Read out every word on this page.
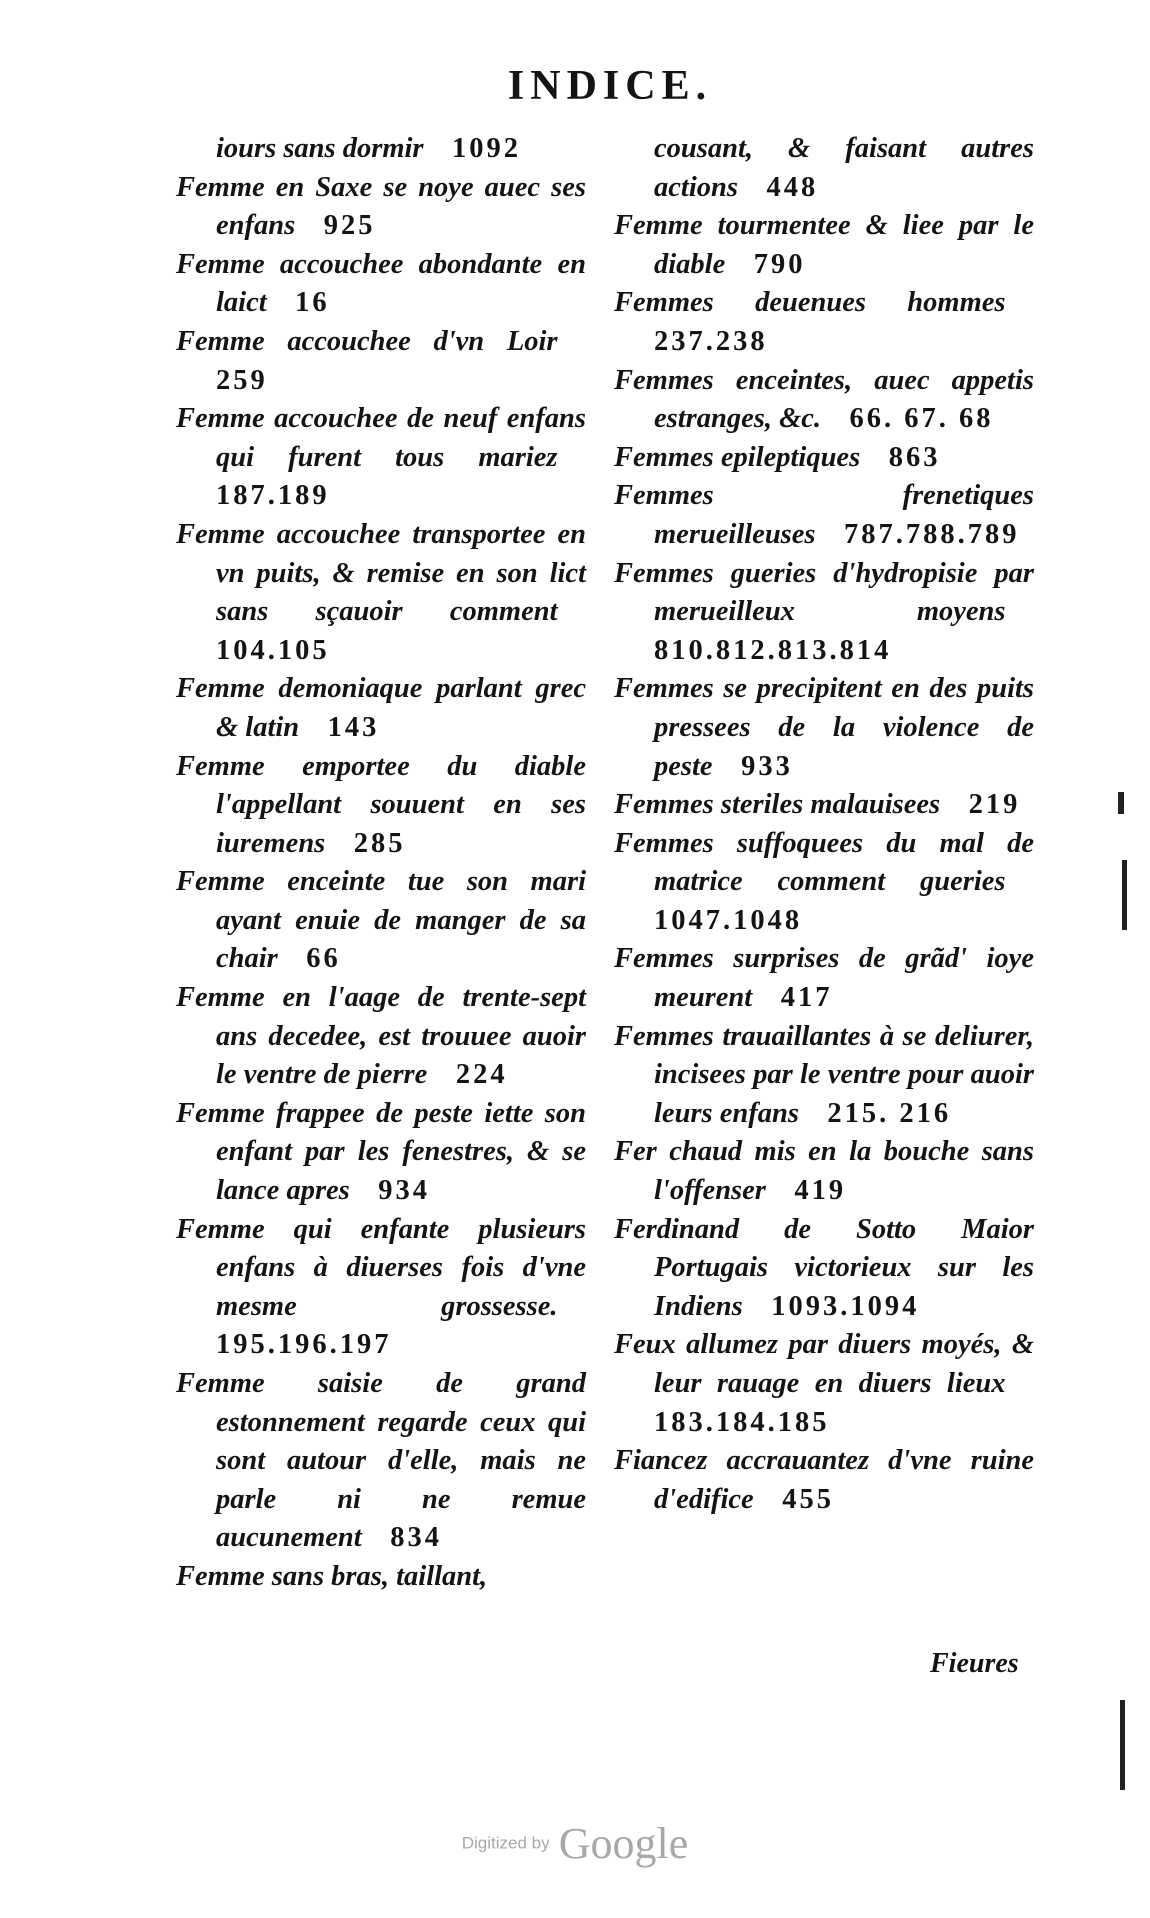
INDICE.
iours sans dormir  1092
Femme en Saxe se noye auec ses enfans  925
Femme accouchee abondante en laict  16
Femme accouchee d'vn Loir 259
Femme accouchee de neuf enfans qui furent tous mariez 187.189
Femme accouchee transportee en vn puits, & remise en son lict sans sçauoir comment 104.105
Femme demoniaque parlant grec & latin  143
Femme emportee du diable l'appellant souuent en ses iuremens  285
Femme enceinte tue son mari ayant enuie de manger de sa chair  66
Femme en l'aage de trente-sept ans decedee, est trouuee auoir le ventre de pierre  224
Femme frappee de peste iette son enfant par les fenestres, & se lance apres  934
Femme qui enfante plusieurs enfans à diuerses fois d'vne mesme grossesse. 195.196.197
Femme saisie de grand estonnement regarde ceux qui sont autour d'elle, mais ne parle ni ne remue aucunement  834
Femme sans bras, taillant,
cousant, & faisant autres actions  448
Femme tourmentee & liee par le diable  790
Femmes deuenues hommes 237.238
Femmes enceintes, auec appetis estranges, &c.  66. 67. 68
Femmes epileptiques  863
Femmes frenetiques merueilleuses  787.788.789
Femmes gueries d'hydropisie par merueilleux moyens 810.812.813.814
Femmes se precipitent en des puits pressees de la violence de peste  933
Femmes steriles malauisees  219
Femmes suffoquees du mal de matrice comment gueries 1047.1048
Femmes surprises de grãd' ioye meurent  417
Femmes trauaillantes à se deliurer, incisees par le ventre pour auoir leurs enfans  215. 216
Fer chaud mis en la bouche sans l'offenser  419
Ferdinand de Sotto Maior Portugais victorieux sur les Indiens  1093.1094
Feux allumez par diuers moyés, & leur rauage en diuers lieux 183.184.185
Fiancez accrauantez d'vne ruine d'edifice  455
Fieures
Digitized by Google
